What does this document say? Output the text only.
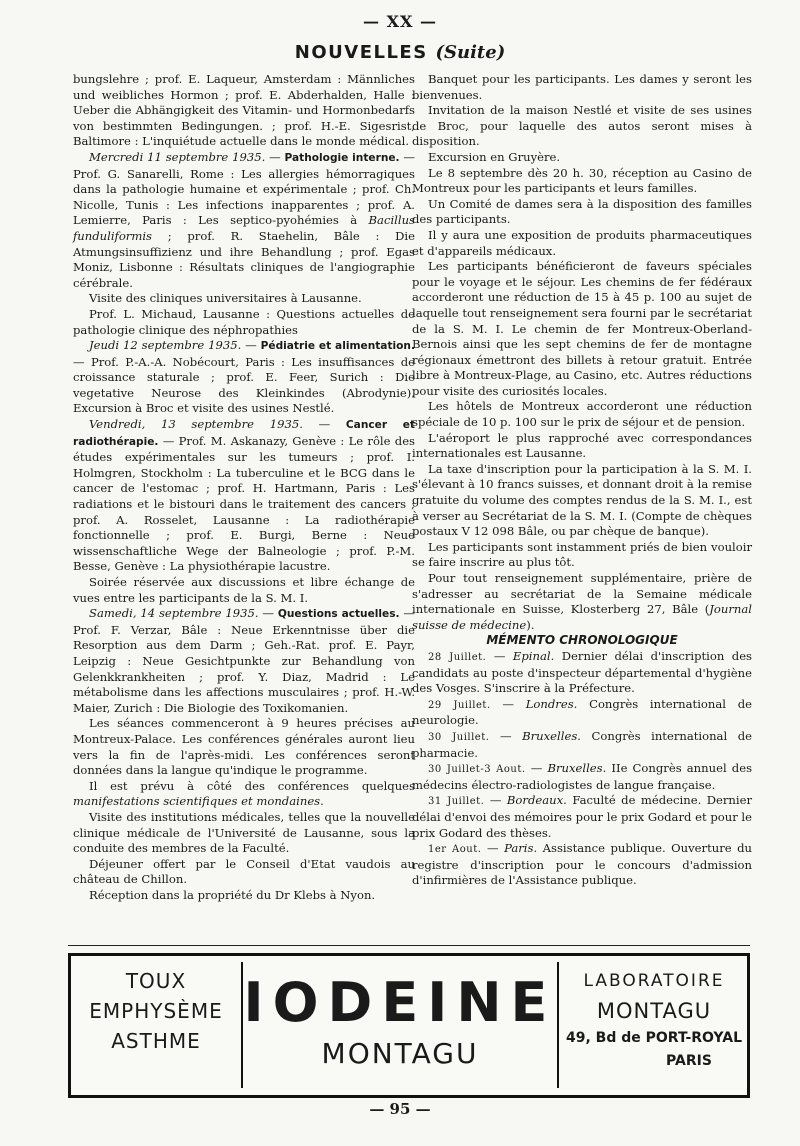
— XX —
NOUVELLES (Suite)

bungslehre ; prof. E. Laqueur, Amsterdam : Männliches und weibliches Hormon ; prof. E. Abderhalden, Halle : Ueber die Abhängigkeit des Vitamin- und Hormonbedarfs von bestimmten Bedingungen. ; prof. H.-E. Sigesrist, Baltimore : L'inquiétude actuelle dans le monde médical.

Mercredi 11 septembre 1935. — Pathologie interne. — Prof. G. Sanarelli, Rome : Les allergies hémorragiques dans la pathologie humaine et expérimentale ; prof. Ch. Nicolle, Tunis : Les infections inapparentes ; prof. A. Lemierre, Paris : Les septico-pyohémies à Bacillus funduliformis ; prof. R. Staehelin, Bâle : Die Atmungsinsuffizienz und ihre Behandlung ; prof. Egas Moniz, Lisbonne : Résultats cliniques de l'angiographie cérébrale.

Visite des cliniques universitaires à Lausanne.

Prof. L. Michaud, Lausanne : Questions actuelles de pathologie clinique des néphropathies

Jeudi 12 septembre 1935. — Pédiatrie et alimentation. — Prof. P.-A.-A. Nobécourt, Paris : Les insuffisances de croissance staturale ; prof. E. Feer, Surich : Die vegetative Neurose des Kleinkindes (Abrodynie). Excursion à Broc et visite des usines Nestlé.

Vendredi, 13 septembre 1935. — Cancer et radiothérapie. — Prof. M. Askanazy, Genève : Le rôle des études expérimentales sur les tumeurs ; prof. I. Holmgren, Stockholm : La tuberculine et le BCG dans le cancer de l'estomac ; prof. H. Hartmann, Paris : Les radiations et le bistouri dans le traitement des cancers ; prof. A. Rosselet, Lausanne : La radiothérapie fonctionnelle ; prof. E. Burgi, Berne : Neue wissenschaftliche Wege der Balneologie ; prof. P.-M. Besse, Genève : La physiothérapie lacustre.

Soirée réservée aux discussions et libre échange de vues entre les participants de la S. M. I.

Samedi, 14 septembre 1935. — Questions actuelles. — Prof. F. Verzar, Bâle : Neue Erkenntnisse über die Resorption aus dem Darm ; Geh.-Rat. prof. E. Payr, Leipzig : Neue Gesichtpunkte zur Behandlung von Gelenkkrankheiten ; prof. Y. Diaz, Madrid : Le métabolisme dans les affections musculaires ; prof. H.-W. Maier, Zurich : Die Biologie des Toxikomanien.

Les séances commenceront à 9 heures précises au Montreux-Palace. Les conférences générales auront lieu vers la fin de l'après-midi. Les conférences seront données dans la langue qu'indique le programme.

Il est prévu à côté des conférences quelques manifestations scientifiques et mondaines.

Visite des institutions médicales, telles que la nouvelle clinique médicale de l'Université de Lausanne, sous la conduite des membres de la Faculté.

Déjeuner offert par le Conseil d'Etat vaudois au château de Chillon.

Réception dans la propriété du Dr Klebs à Nyon.

Banquet pour les participants. Les dames y seront les bienvenues.

Invitation de la maison Nestlé et visite de ses usines de Broc, pour laquelle des autos seront mises à disposition.

Excursion en Gruyère.

Le 8 septembre dès 20 h. 30, réception au Casino de Montreux pour les participants et leurs familles.

Un Comité de dames sera à la disposition des familles des participants.

Il y aura une exposition de produits pharmaceutiques et d'appareils médicaux.

Les participants bénéficieront de faveurs spéciales pour le voyage et le séjour. Les chemins de fer fédéraux accorderont une réduction de 15 à 45 p. 100 au sujet de laquelle tout renseignement sera fourni par le secrétariat de la S. M. I. Le chemin de fer Montreux-Oberland-Bernois ainsi que les sept chemins de fer de montagne régionaux émettront des billets à retour gratuit. Entrée libre à Montreux-Plage, au Casino, etc. Autres réductions pour visite des curiosités locales.

Les hôtels de Montreux accorderont une réduction spéciale de 10 p. 100 sur le prix de séjour et de pension.

L'aéroport le plus rapproché avec correspondances internationales est Lausanne.

La taxe d'inscription pour la participation à la S. M. I. s'élevant à 10 francs suisses, et donnant droit à la remise gratuite du volume des comptes rendus de la S. M. I., est à verser au Secrétariat de la S. M. I. (Compte de chèques postaux V 12 098 Bâle, ou par chèque de banque).

Les participants sont instamment priés de bien vouloir se faire inscrire au plus tôt.

Pour tout renseignement supplémentaire, prière de s'adresser au secrétariat de la Semaine médicale internationale en Suisse, Klosterberg 27, Bâle (Journal suisse de médecine).

MÉMENTO CHRONOLOGIQUE

28 Juillet. — Epinal. Dernier délai d'inscription des candidats au poste d'inspecteur départemental d'hygiène des Vosges. S'inscrire à la Préfecture.

29 Juillet. — Londres. Congrès international de neurologie.

30 Juillet. — Bruxelles. Congrès international de pharmacie.

30 Juillet-3 Aout. — Bruxelles. IIe Congrès annuel des médecins électro-radiologistes de langue française.

31 Juillet. — Bordeaux. Faculté de médecine. Dernier délai d'envoi des mémoires pour le prix Godard et pour le prix Godard des thèses.

1er Aout. — Paris. Assistance publique. Ouverture du registre d'inscription pour le concours d'admission d'infirmières de l'Assistance publique.

TOUX
EMPHYSÈME
ASTHME
IODEINE
MONTAGU
LABORATOIRE
MONTAGU
49, Bd de PORT-ROYAL
PARIS
— 95 —
